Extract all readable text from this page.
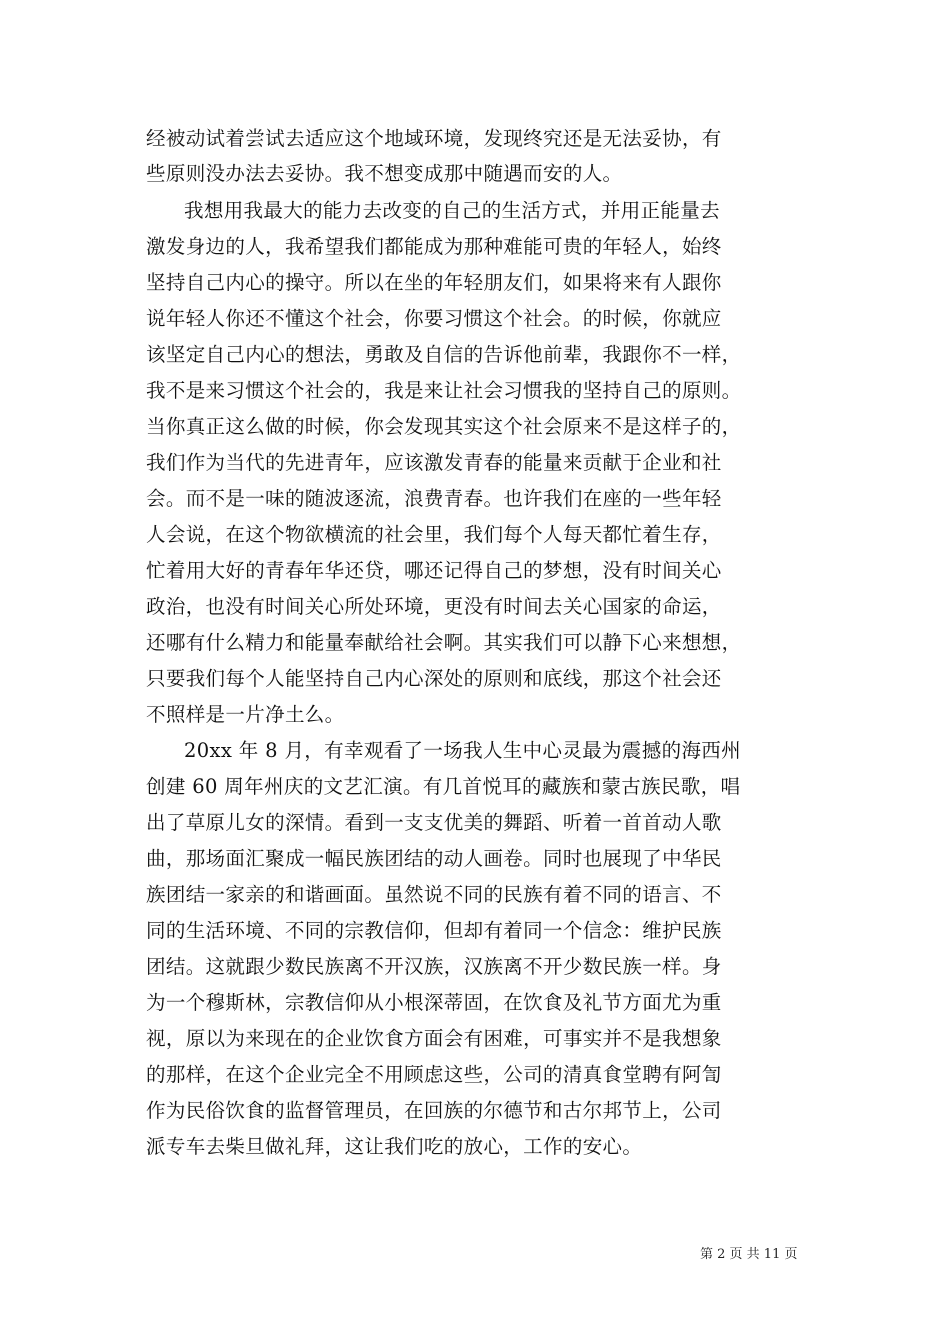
经被动试着尝试去适应这个地域环境，发现终究还是无法妥协，有
些原则没办法去妥协。我不想变成那中随遇而安的人。
我想用我最大的能力去改变的自己的生活方式，并用正能量去
激发身边的人，我希望我们都能成为那种难能可贵的年轻人，始终
坚持自己内心的操守。所以在坐的年轻朋友们，如果将来有人跟你
说年轻人你还不懂这个社会，你要习惯这个社会。的时候，你就应
该坚定自己内心的想法，勇敢及自信的告诉他前辈，我跟你不一样，
我不是来习惯这个社会的，我是来让社会习惯我的坚持自己的原则。
当你真正这么做的时候，你会发现其实这个社会原来不是这样子的，
我们作为当代的先进青年，应该激发青春的能量来贡献于企业和社
会。而不是一味的随波逐流，浪费青春。也许我们在座的一些年轻
人会说，在这个物欲横流的社会里，我们每个人每天都忙着生存，
忙着用大好的青春年华还贷，哪还记得自己的梦想，没有时间关心
政治，也没有时间关心所处环境，更没有时间去关心国家的命运，
还哪有什么精力和能量奉献给社会啊。其实我们可以静下心来想想，
只要我们每个人能坚持自己内心深处的原则和底线，那这个社会还
不照样是一片净土么。
20xx 年 8 月，有幸观看了一场我人生中心灵最为震撼的海西州
创建 60 周年州庆的文艺汇演。有几首悦耳的藏族和蒙古族民歌，唱
出了草原儿女的深情。看到一支支优美的舞蹈、听着一首首动人歌
曲，那场面汇聚成一幅民族团结的动人画卷。同时也展现了中华民
族团结一家亲的和谐画面。虽然说不同的民族有着不同的语言、不
同的生活环境、不同的宗教信仰，但却有着同一个信念：维护民族
团结。这就跟少数民族离不开汉族，汉族离不开少数民族一样。身
为一个穆斯林，宗教信仰从小根深蒂固，在饮食及礼节方面尤为重
视，原以为来现在的企业饮食方面会有困难，可事实并不是我想象
的那样，在这个企业完全不用顾虑这些，公司的清真食堂聘有阿訇
作为民俗饮食的监督管理员，在回族的尔德节和古尔邦节上，公司
派专车去柴旦做礼拜，这让我们吃的放心，工作的安心。
第 2 页 共 11 页
